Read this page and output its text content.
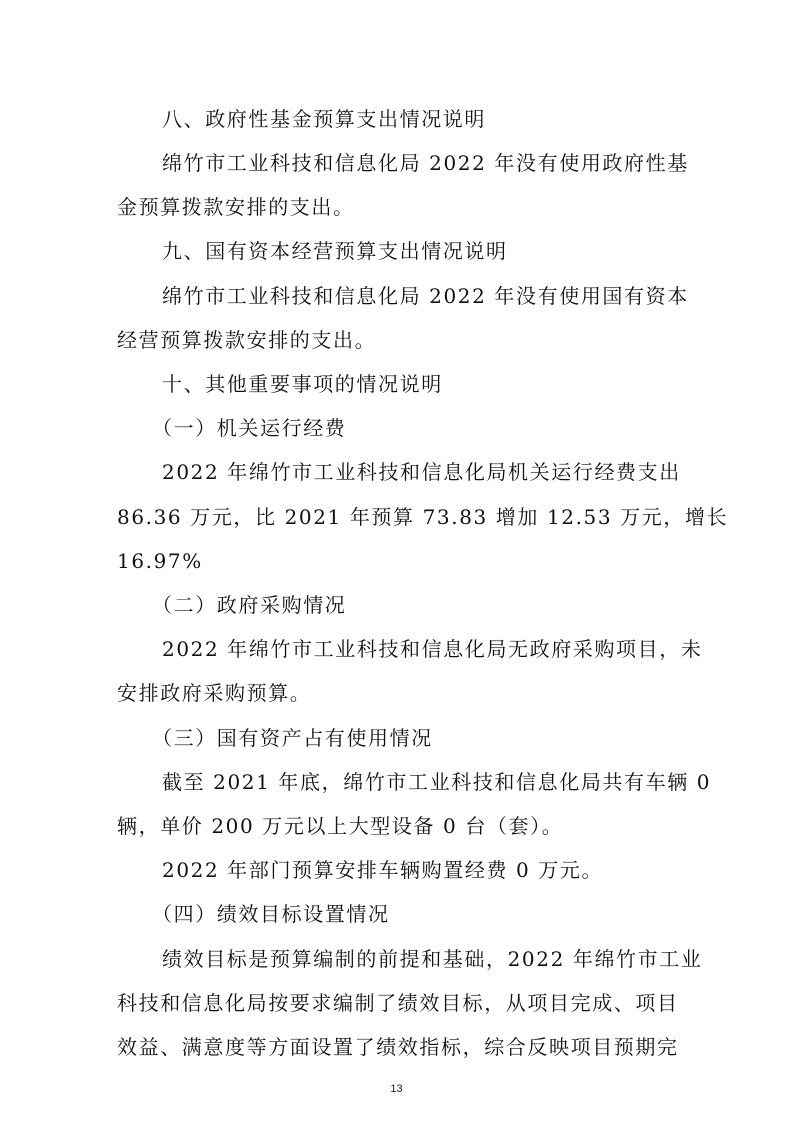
八、政府性基金预算支出情况说明
绵竹市工业科技和信息化局 2022 年没有使用政府性基
金预算拨款安排的支出。
九、国有资本经营预算支出情况说明
绵竹市工业科技和信息化局 2022 年没有使用国有资本
经营预算拨款安排的支出。
十、其他重要事项的情况说明
（一）机关运行经费
2022 年绵竹市工业科技和信息化局机关运行经费支出
86.36 万元，比 2021 年预算 73.83 增加 12.53 万元，增长
16.97%
（二）政府采购情况
2022 年绵竹市工业科技和信息化局无政府采购项目，未
安排政府采购预算。
（三）国有资产占有使用情况
截至 2021 年底，绵竹市工业科技和信息化局共有车辆 0
辆，单价 200 万元以上大型设备 0 台（套）。
2022 年部门预算安排车辆购置经费 0 万元。
（四）绩效目标设置情况
绩效目标是预算编制的前提和基础，2022 年绵竹市工业
科技和信息化局按要求编制了绩效目标，从项目完成、项目
效益、满意度等方面设置了绩效指标，综合反映项目预期完
13
